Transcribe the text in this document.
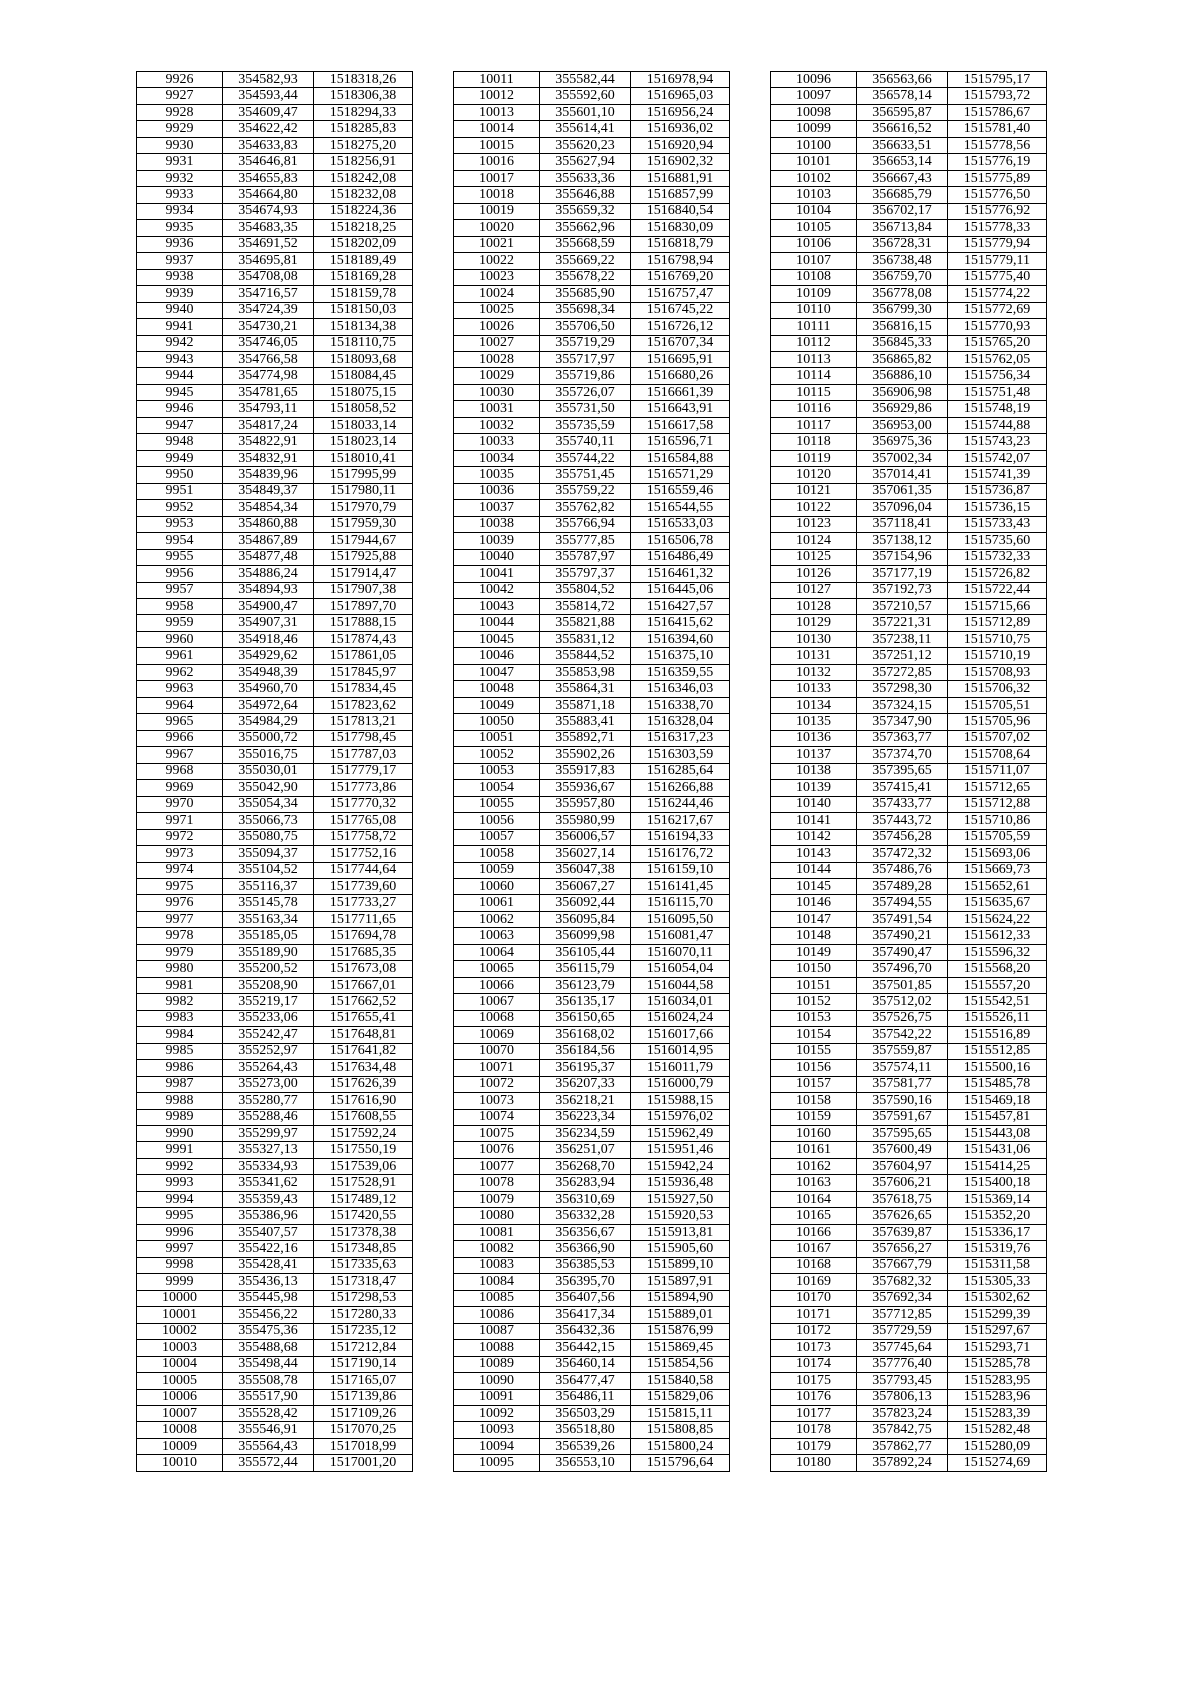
9926	354582,93	1518318,26
9927	354593,44	1518306,38
9928	354609,47	1518294,33
9929	354622,42	1518285,83
9930	354633,83	1518275,20
9931	354646,81	1518256,91
9932	354655,83	1518242,08
9933	354664,80	1518232,08
9934	354674,93	1518224,36
9935	354683,35	1518218,25
9936	354691,52	1518202,09
9937	354695,81	1518189,49
9938	354708,08	1518169,28
9939	354716,57	1518159,78
9940	354724,39	1518150,03
9941	354730,21	1518134,38
9942	354746,05	1518110,75
9943	354766,58	1518093,68
9944	354774,98	1518084,45
9945	354781,65	1518075,15
9946	354793,11	1518058,52
9947	354817,24	1518033,14
9948	354822,91	1518023,14
9949	354832,91	1518010,41
9950	354839,96	1517995,99
9951	354849,37	1517980,11
9952	354854,34	1517970,79
9953	354860,88	1517959,30
9954	354867,89	1517944,67
9955	354877,48	1517925,88
9956	354886,24	1517914,47
9957	354894,93	1517907,38
9958	354900,47	1517897,70
9959	354907,31	1517888,15
9960	354918,46	1517874,43
9961	354929,62	1517861,05
9962	354948,39	1517845,97
9963	354960,70	1517834,45
9964	354972,64	1517823,62
9965	354984,29	1517813,21
9966	355000,72	1517798,45
9967	355016,75	1517787,03
9968	355030,01	1517779,17
9969	355042,90	1517773,86
9970	355054,34	1517770,32
9971	355066,73	1517765,08
9972	355080,75	1517758,72
9973	355094,37	1517752,16
9974	355104,52	1517744,64
9975	355116,37	1517739,60
9976	355145,78	1517733,27
9977	355163,34	1517711,65
9978	355185,05	1517694,78
9979	355189,90	1517685,35
9980	355200,52	1517673,08
9981	355208,90	1517667,01
9982	355219,17	1517662,52
9983	355233,06	1517655,41
9984	355242,47	1517648,81
9985	355252,97	1517641,82
9986	355264,43	1517634,48
9987	355273,00	1517626,39
9988	355280,77	1517616,90
9989	355288,46	1517608,55
9990	355299,97	1517592,24
9991	355327,13	1517550,19
9992	355334,93	1517539,06
9993	355341,62	1517528,91
9994	355359,43	1517489,12
9995	355386,96	1517420,55
9996	355407,57	1517378,38
9997	355422,16	1517348,85
9998	355428,41	1517335,63
9999	355436,13	1517318,47
10000	355445,98	1517298,53
10001	355456,22	1517280,33
10002	355475,36	1517235,12
10003	355488,68	1517212,84
10004	355498,44	1517190,14
10005	355508,78	1517165,07
10006	355517,90	1517139,86
10007	355528,42	1517109,26
10008	355546,91	1517070,25
10009	355564,43	1517018,99
10010	355572,44	1517001,20
10011	355582,44	1516978,94
10012	355592,60	1516965,03
10013	355601,10	1516956,24
10014	355614,41	1516936,02
10015	355620,23	1516920,94
10016	355627,94	1516902,32
10017	355633,36	1516881,91
10018	355646,88	1516857,99
10019	355659,32	1516840,54
10020	355662,96	1516830,09
10021	355668,59	1516818,79
10022	355669,22	1516798,94
10023	355678,22	1516769,20
10024	355685,90	1516757,47
10025	355698,34	1516745,22
10026	355706,50	1516726,12
10027	355719,29	1516707,34
10028	355717,97	1516695,91
10029	355719,86	1516680,26
10030	355726,07	1516661,39
10031	355731,50	1516643,91
10032	355735,59	1516617,58
10033	355740,11	1516596,71
10034	355744,22	1516584,88
10035	355751,45	1516571,29
10036	355759,22	1516559,46
10037	355762,82	1516544,55
10038	355766,94	1516533,03
10039	355777,85	1516506,78
10040	355787,97	1516486,49
10041	355797,37	1516461,32
10042	355804,52	1516445,06
10043	355814,72	1516427,57
10044	355821,88	1516415,62
10045	355831,12	1516394,60
10046	355844,52	1516375,10
10047	355853,98	1516359,55
10048	355864,31	1516346,03
10049	355871,18	1516338,70
10050	355883,41	1516328,04
10051	355892,71	1516317,23
10052	355902,26	1516303,59
10053	355917,83	1516285,64
10054	355936,67	1516266,88
10055	355957,80	1516244,46
10056	355980,99	1516217,67
10057	356006,57	1516194,33
10058	356027,14	1516176,72
10059	356047,38	1516159,10
10060	356067,27	1516141,45
10061	356092,44	1516115,70
10062	356095,84	1516095,50
10063	356099,98	1516081,47
10064	356105,44	1516070,11
10065	356115,79	1516054,04
10066	356123,79	1516044,58
10067	356135,17	1516034,01
10068	356150,65	1516024,24
10069	356168,02	1516017,66
10070	356184,56	1516014,95
10071	356195,37	1516011,79
10072	356207,33	1516000,79
10073	356218,21	1515988,15
10074	356223,34	1515976,02
10075	356234,59	1515962,49
10076	356251,07	1515951,46
10077	356268,70	1515942,24
10078	356283,94	1515936,48
10079	356310,69	1515927,50
10080	356332,28	1515920,53
10081	356356,67	1515913,81
10082	356366,90	1515905,60
10083	356385,53	1515899,10
10084	356395,70	1515897,91
10085	356407,56	1515894,90
10086	356417,34	1515889,01
10087	356432,36	1515876,99
10088	356442,15	1515869,45
10089	356460,14	1515854,56
10090	356477,47	1515840,58
10091	356486,11	1515829,06
10092	356503,29	1515815,11
10093	356518,80	1515808,85
10094	356539,26	1515800,24
10095	356553,10	1515796,64
10096	356563,66	1515795,17
10097	356578,14	1515793,72
10098	356595,87	1515786,67
10099	356616,52	1515781,40
10100	356633,51	1515778,56
10101	356653,14	1515776,19
10102	356667,43	1515775,89
10103	356685,79	1515776,50
10104	356702,17	1515776,92
10105	356713,84	1515778,33
10106	356728,31	1515779,94
10107	356738,48	1515779,11
10108	356759,70	1515775,40
10109	356778,08	1515774,22
10110	356799,30	1515772,69
10111	356816,15	1515770,93
10112	356845,33	1515765,20
10113	356865,82	1515762,05
10114	356886,10	1515756,34
10115	356906,98	1515751,48
10116	356929,86	1515748,19
10117	356953,00	1515744,88
10118	356975,36	1515743,23
10119	357002,34	1515742,07
10120	357014,41	1515741,39
10121	357061,35	1515736,87
10122	357096,04	1515736,15
10123	357118,41	1515733,43
10124	357138,12	1515735,60
10125	357154,96	1515732,33
10126	357177,19	1515726,82
10127	357192,73	1515722,44
10128	357210,57	1515715,66
10129	357221,31	1515712,89
10130	357238,11	1515710,75
10131	357251,12	1515710,19
10132	357272,85	1515708,93
10133	357298,30	1515706,32
10134	357324,15	1515705,51
10135	357347,90	1515705,96
10136	357363,77	1515707,02
10137	357374,70	1515708,64
10138	357395,65	1515711,07
10139	357415,41	1515712,65
10140	357433,77	1515712,88
10141	357443,72	1515710,86
10142	357456,28	1515705,59
10143	357472,32	1515693,06
10144	357486,76	1515669,73
10145	357489,28	1515652,61
10146	357494,55	1515635,67
10147	357491,54	1515624,22
10148	357490,21	1515612,33
10149	357490,47	1515596,32
10150	357496,70	1515568,20
10151	357501,85	1515557,20
10152	357512,02	1515542,51
10153	357526,75	1515526,11
10154	357542,22	1515516,89
10155	357559,87	1515512,85
10156	357574,11	1515500,16
10157	357581,77	1515485,78
10158	357590,16	1515469,18
10159	357591,67	1515457,81
10160	357595,65	1515443,08
10161	357600,49	1515431,06
10162	357604,97	1515414,25
10163	357606,21	1515400,18
10164	357618,75	1515369,14
10165	357626,65	1515352,20
10166	357639,87	1515336,17
10167	357656,27	1515319,76
10168	357667,79	1515311,58
10169	357682,32	1515305,33
10170	357692,34	1515302,62
10171	357712,85	1515299,39
10172	357729,59	1515297,67
10173	357745,64	1515293,71
10174	357776,40	1515285,78
10175	357793,45	1515283,95
10176	357806,13	1515283,96
10177	357823,24	1515283,39
10178	357842,75	1515282,48
10179	357862,77	1515280,09
10180	357892,24	1515274,69
